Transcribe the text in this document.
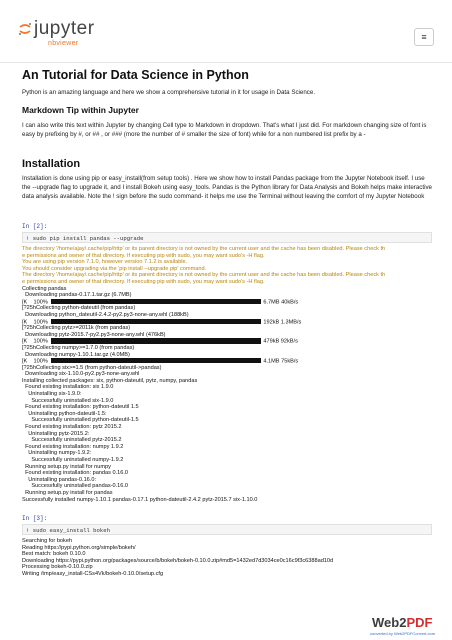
jupyter
nbviewer
≡
An Tutorial for Data Science in Python
Python is an amazing language and here we show a comprehensive tutorial in it for usage in Data Science.
Markdown Tip within Jupyter
I can also write this text within Jupyter by changing Cell type to Markdown in dropdown. That's what I just did. For markdown changing size of font is easy by prefixing by #, or ## , or ### (more the number of # smaller the size of font) while for a non numbered list prefix by a -
Installation
Installation is done using pip or easy_install(from setup tools) . Here we show how to install Pandas package from the Jupyter Notebook itself. I use the --upgrade flag to upgrade it, and I install Bokeh using easy_tools. Pandas is the Python library for Data Analysis and Bokeh helps make interactive data analysis available. Note the ! sign before the sudo command- it helps me use the Terminal without leaving the comfort of my Jupyter Notebook
In [2]:
! sudo pip install pandas --upgrade
The directory '/home/ajay/.cache/pip/http' or its parent directory is not owned by the current user and the cache has been disabled. Please check th
e permissions and owner of that directory. If executing pip with sudo, you may want sudo's -H flag.
You are using pip version 7.1.0, however version 7.1.2 is available.
You should consider upgrading via the 'pip install --upgrade pip' command.
The directory '/home/ajay/.cache/pip/http' or its parent directory is not owned by the current user and the cache has been disabled. Please check th
e permissions and owner of that directory. If executing pip with sudo, you may want sudo's -H flag.
Collecting pandas
Downloading pandas-0.17.1.tar.gz (6.7MB)
[K    100%	6.7MB 40kB/s
[?25hCollecting python-dateutil (from pandas)
Downloading python_dateutil-2.4.2-py2.py3-none-any.whl (188kB)
[K    100%	192kB 1.3MB/s
[?25hCollecting pytz>=2011k (from pandas)
Downloading pytz-2015.7-py2.py3-none-any.whl (476kB)
[K    100%	479kB 92kB/s
[?25hCollecting numpy>=1.7.0 (from pandas)
Downloading numpy-1.10.1.tar.gz (4.0MB)
[K    100%	4.1MB 75kB/s
[?25hCollecting six>=1.5 (from python-dateutil->pandas)
Downloading six-1.10.0-py2.py3-none-any.whl
Installing collected packages: six, python-dateutil, pytz, numpy, pandas
Found existing installation: six 1.9.0
Uninstalling six-1.9.0:
Successfully uninstalled six-1.9.0
Found existing installation: python-dateutil 1.5
Uninstalling python-dateutil-1.5:
Successfully uninstalled python-dateutil-1.5
Found existing installation: pytz 2015.2
Uninstalling pytz-2015.2:
Successfully uninstalled pytz-2015.2
Found existing installation: numpy 1.9.2
Uninstalling numpy-1.9.2:
Successfully uninstalled numpy-1.9.2
Running setup.py install for numpy
Found existing installation: pandas 0.16.0
Uninstalling pandas-0.16.0:
Successfully uninstalled pandas-0.16.0
Running setup.py install for pandas
Successfully installed numpy-1.10.1 pandas-0.17.1 python-dateutil-2.4.2 pytz-2015.7 six-1.10.0
In [3]:
! sudo easy_install bokeh
Searching for bokeh
Reading https://pypi.python.org/simple/bokeh/
Best match: bokeh 0.10.0
Downloading https://pypi.python.org/packages/source/b/bokeh/bokeh-0.10.0.zip#md5=1432ed7d3034ce0c16c9f3c6388ad10d
Processing bokeh-0.10.0.zip
Writing /tmp/easy_install-CSs4Vk/bokeh-0.10.0/setup.cfg
Web2PDF
converted by Web2PDFConvert.com
